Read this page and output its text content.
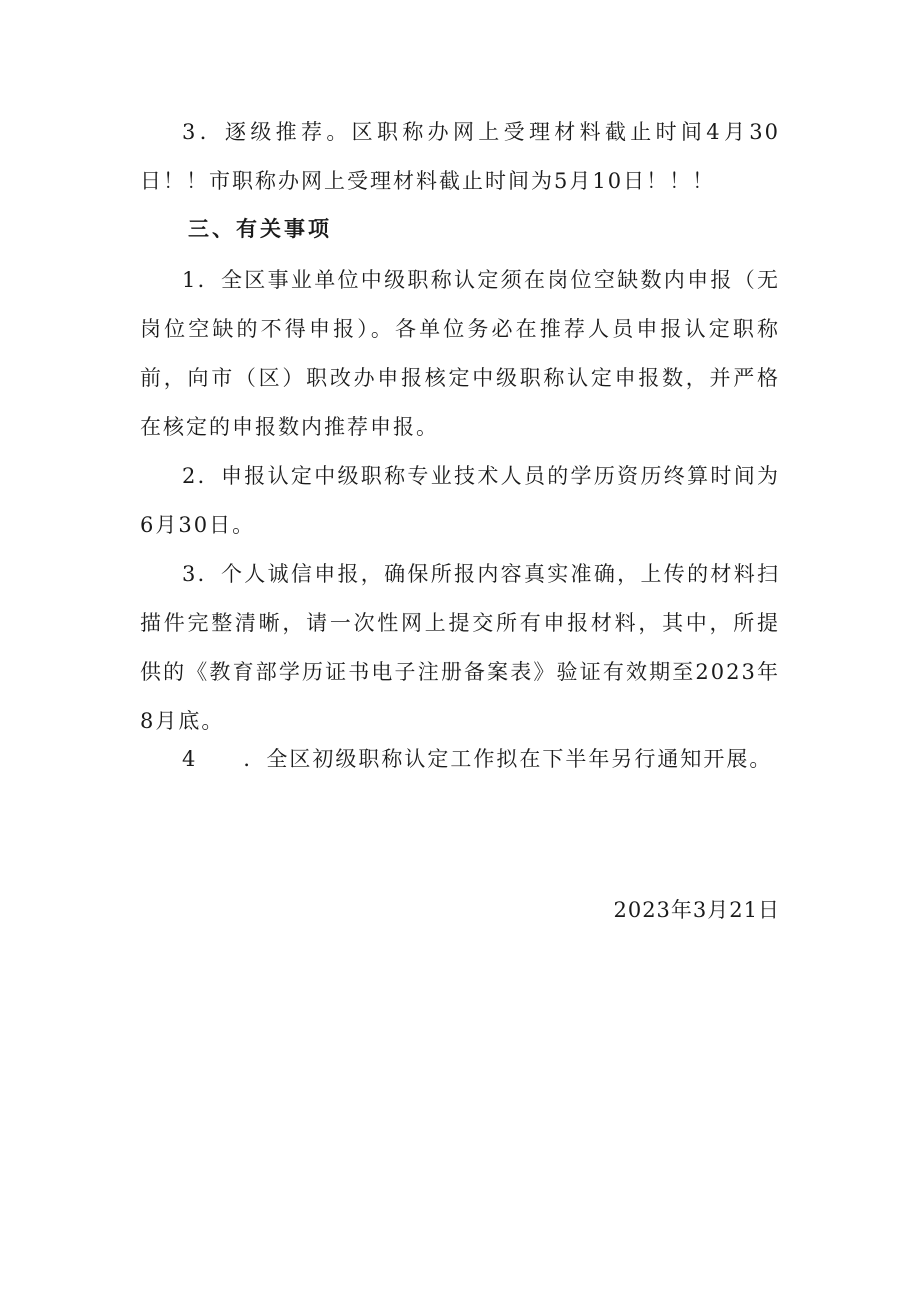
3．逐级推荐。区职称办网上受理材料截止时间4月30日！！市职称办网上受理材料截止时间为5月10日！！！

三、有关事项

1．全区事业单位中级职称认定须在岗位空缺数内申报（无岗位空缺的不得申报）。各单位务必在推荐人员申报认定职称前，向市（区）职改办申报核定中级职称认定申报数，并严格在核定的申报数内推荐申报。

2．申报认定中级职称专业技术人员的学历资历终算时间为6月30日。

3．个人诚信申报，确保所报内容真实准确，上传的材料扫描件完整清晰，请一次性网上提交所有申报材料，其中，所提供的《教育部学历证书电子注册备案表》验证有效期至2023年8月底。

4　　．全区初级职称认定工作拟在下半年另行通知开展。

2023年3月21日
